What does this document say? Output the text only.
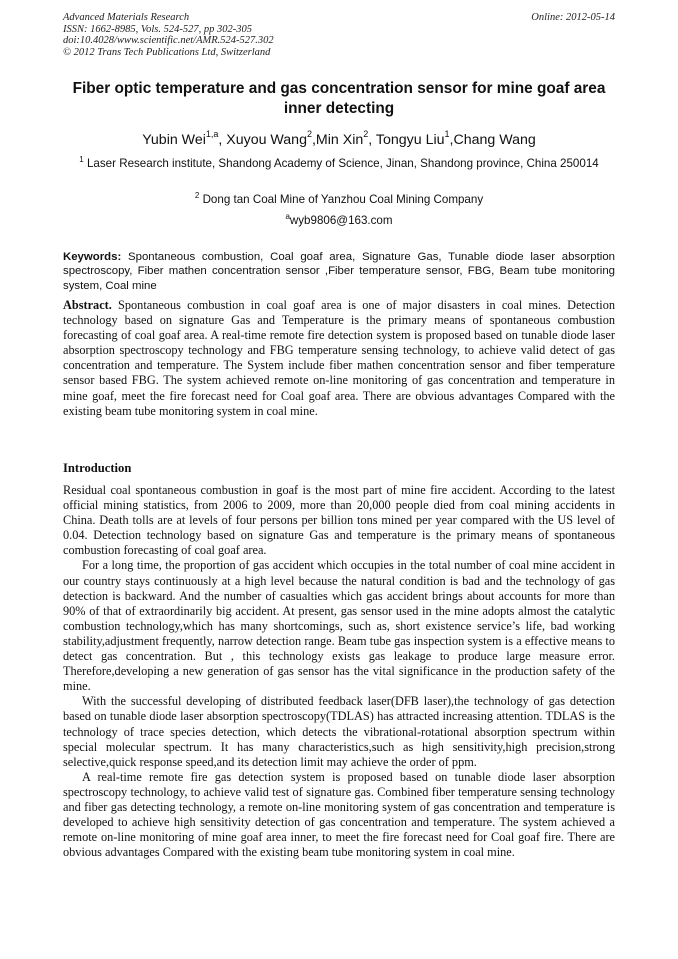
Advanced Materials Research
ISSN: 1662-8985, Vols. 524-527, pp 302-305
doi:10.4028/www.scientific.net/AMR.524-527.302
© 2012 Trans Tech Publications Ltd, Switzerland
Online: 2012-05-14
Fiber optic temperature and gas concentration sensor for mine goaf area inner detecting
Yubin Wei$^{1,a}$, Xuyou Wang$^2$,Min Xin$^2$, Tongyu Liu$^1$,Chang Wang
$^1$ Laser Research institute, Shandong Academy of Science, Jinan, Shandong province, China 250014
$^2$ Dong tan Coal Mine of Yanzhou Coal Mining Company
$^a$wyb9806@163.com
Keywords: Spontaneous combustion, Coal goaf area, Signature Gas, Tunable diode laser absorption spectroscopy, Fiber mathen concentration sensor ,Fiber temperature sensor, FBG, Beam tube monitoring system, Coal mine
Abstract. Spontaneous combustion in coal goaf area is one of major disasters in coal mines. Detection technology based on signature Gas and Temperature is the primary means of spontaneous combustion forecasting of coal goaf area. A real-time remote fire detection system is proposed based on tunable diode laser absorption spectroscopy technology and FBG temperature sensing technology, to achieve valid detect of gas concentration and temperature. The System include fiber mathen concentration sensor and fiber temperature sensor based FBG. The system achieved remote on-line monitoring of gas concentration and temperature in mine goaf, meet the fire forecast need for Coal goaf area. There are obvious advantages Compared with the existing beam tube monitoring system in coal mine.
Introduction

Residual coal spontaneous combustion in goaf is the most part of mine fire accident. According to the latest official mining statistics, from 2006 to 2009, more than 20,000 people died from coal mining accidents in China. Death tolls are at levels of four persons per billion tons mined per year compared with the US level of 0.04. Detection technology based on signature Gas and temperature is the primary means of spontaneous combustion forecasting of coal goaf area.

For a long time, the proportion of gas accident which occupies in the total number of coal mine accident in our country stays continuously at a high level because the natural condition is bad and the technology of gas detection is backward. And the number of casualties which gas accident brings about accounts for more than 90% of that of extraordinarily big accident. At present, gas sensor used in the mine adopts almost the catalytic combustion technology,which has many shortcomings, such as, short existence service’s life, bad working stability,adjustment frequently, narrow detection range. Beam tube gas inspection system is a effective means to detect gas concentration. But , this technology exists gas leakage to produce large measure error. Therefore,developing a new generation of gas sensor has the vital significance in the production safety of the mine.

With the successful developing of distributed feedback laser(DFB laser),the technology of gas detection based on tunable diode laser absorption spectroscopy(TDLAS) has attracted increasing attention. TDLAS is the technology of trace species detection, which detects the vibrational-rotational absorption spectrum within special molecular spectrum. It has many characteristics,such as high sensitivity,high precision,strong selective,quick response speed,and its detection limit may achieve the order of ppm.

A real-time remote fire gas detection system is proposed based on tunable diode laser absorption spectroscopy technology, to achieve valid test of signature gas. Combined fiber temperature sensing technology and fiber gas detecting technology, a remote on-line monitoring system of gas concentration and temperature is developed to achieve high sensitivity detection of gas concentration and temperature. The system achieved a remote on-line monitoring of mine goaf area inner, to meet the fire forecast need for Coal goaf fire. There are obvious advantages Compared with the existing beam tube monitoring system in coal mine.
